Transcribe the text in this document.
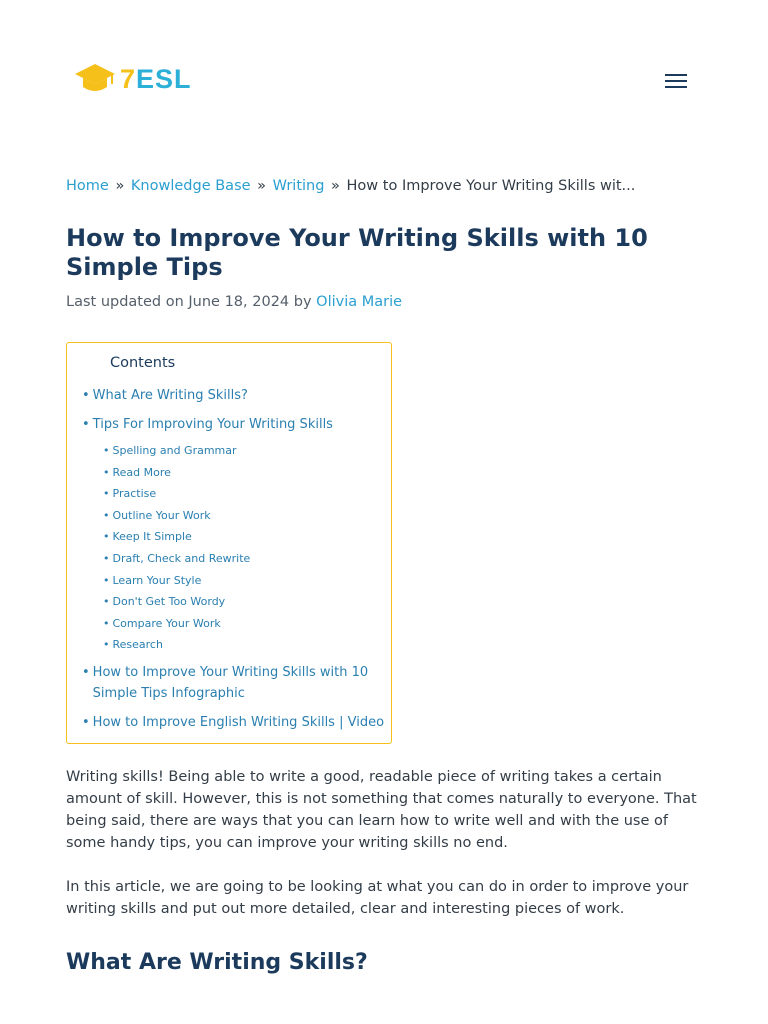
7ESL
Home » Knowledge Base » Writing » How to Improve Your Writing Skills wit...
How to Improve Your Writing Skills with 10 Simple Tips
Last updated on June 18, 2024 by Olivia Marie
Contents
• What Are Writing Skills?
• Tips For Improving Your Writing Skills
• Spelling and Grammar
• Read More
• Practise
• Outline Your Work
• Keep It Simple
• Draft, Check and Rewrite
• Learn Your Style
• Don't Get Too Wordy
• Compare Your Work
• Research
• How to Improve Your Writing Skills with 10 Simple Tips Infographic
• How to Improve English Writing Skills | Video

Writing skills! Being able to write a good, readable piece of writing takes a certain amount of skill. However, this is not something that comes naturally to everyone. That being said, there are ways that you can learn how to write well and with the use of some handy tips, you can improve your writing skills no end.

In this article, we are going to be looking at what you can do in order to improve your writing skills and put out more detailed, clear and interesting pieces of work.

What Are Writing Skills?
